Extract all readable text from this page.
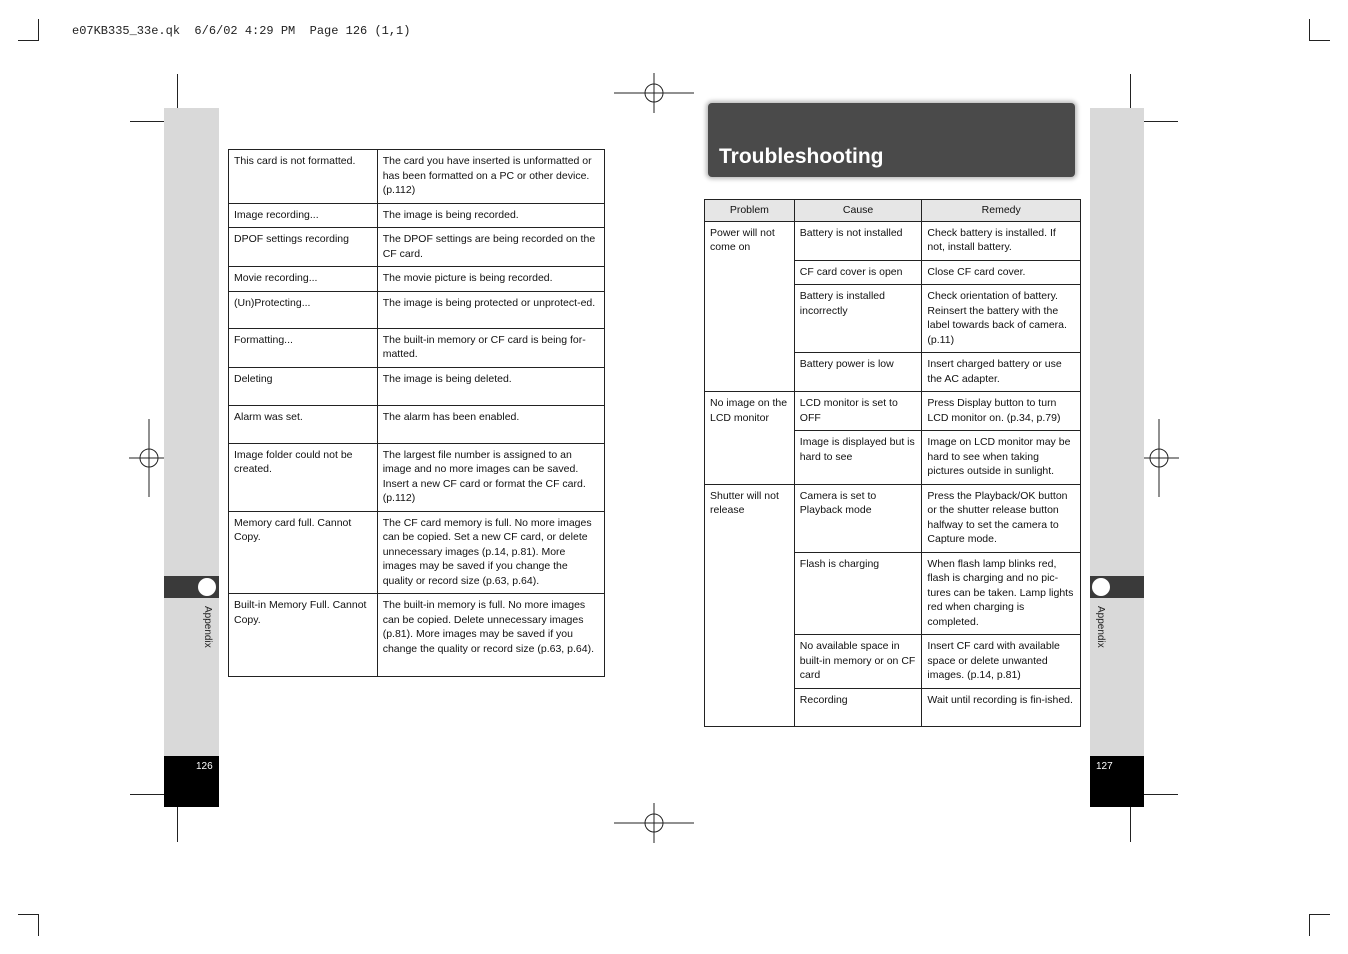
e07KB335_33e.qk  6/6/02 4:29 PM  Page 126 (1,1)
Appendix
126
Appendix
127
This card is not formatted.	The card you have inserted is unformatted or has been formatted on a PC or other device. (p.112)
Image recording...	The image is being recorded.
DPOF settings recording	The DPOF settings are being recorded on the CF card.
Movie recording...	The movie picture is being recorded.
(Un)Protecting...	The image is being protected or unprotect-ed.
Formatting...	The built-in memory or CF card is being for-matted.
Deleting	The image is being deleted.
Alarm was set.	The alarm has been enabled.
Image folder could not be created.	The largest file number is assigned to an image and no more images can be saved. Insert a new CF card or format the CF card. (p.112)
Memory card full. Cannot Copy.	The CF card memory is full. No more images can be copied. Set a new CF card, or delete unnecessary images (p.14, p.81). More images may be saved if you change the quality or record size (p.63, p.64).
Built-in Memory Full. Cannot Copy.	The built-in memory is full. No more images can be copied. Delete unnecessary images (p.81). More images may be saved if you change the quality or record size (p.63, p.64).
Troubleshooting
Problem	Cause	Remedy
Power will not come on	Battery is not installed	Check battery is installed. If not, install battery.
	CF card cover is open	Close CF card cover.
	Battery is installed incorrectly	Check orientation of battery. Reinsert the battery with the label towards back of camera. (p.11)
	Battery power is low	Insert charged battery or use the AC adapter.
No image on the LCD monitor	LCD monitor is set to OFF	Press Display button to turn LCD monitor on. (p.34, p.79)
	Image is displayed but is hard to see	Image on LCD monitor may be hard to see when taking pictures outside in sunlight.
Shutter will not release	Camera is set to Playback mode	Press the Playback/OK button or the shutter release button halfway to set the camera to Capture mode.
	Flash is charging	When flash lamp blinks red, flash is charging and no pic-tures can be taken. Lamp lights red when charging is completed.
	No available space in built-in memory or on CF card	Insert CF card with available space or delete unwanted images. (p.14, p.81)
	Recording	Wait until recording is fin-ished.
